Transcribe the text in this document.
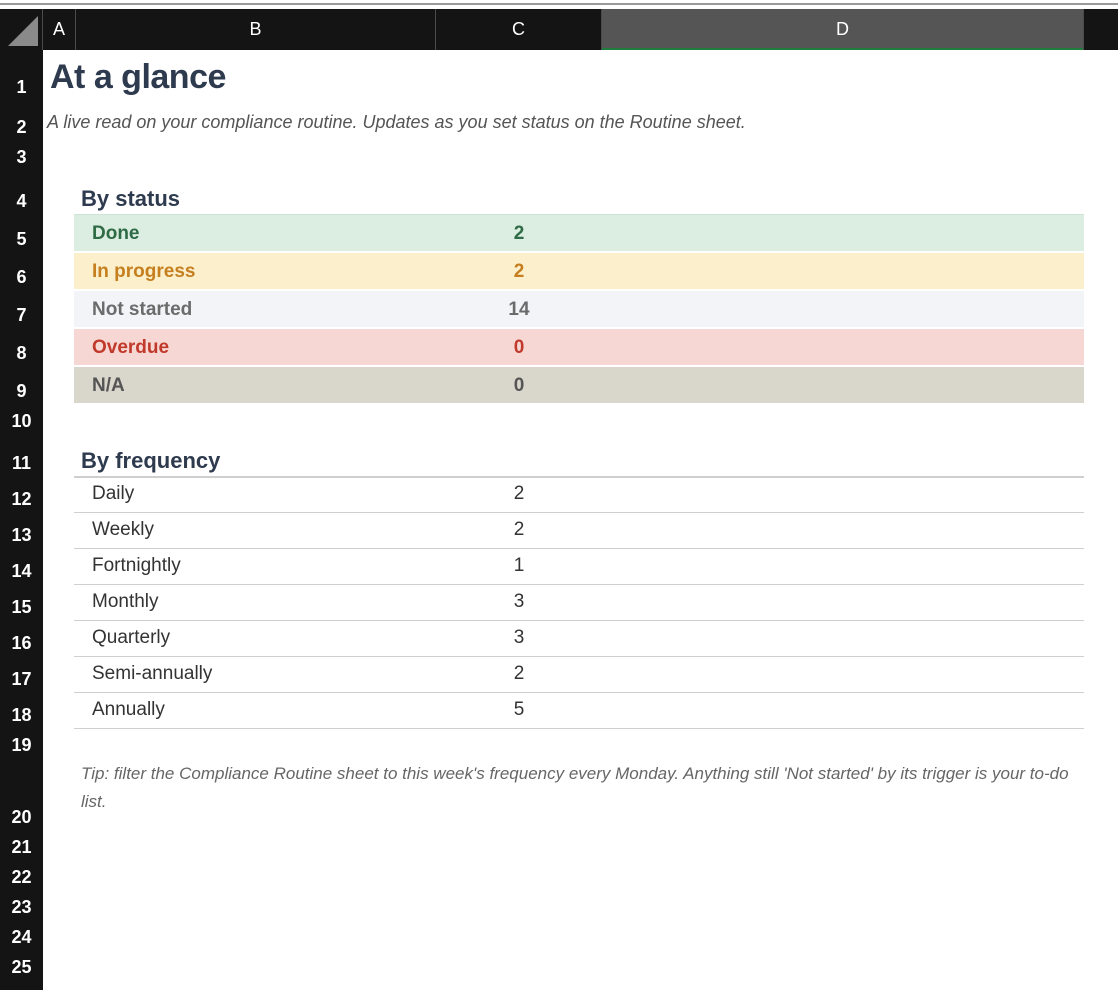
A	B	C	D
1
2
3
4
5
6
7
8
9
10
11
12
13
14
15
16
17
18
19
20
21
22
23
24
25
At a glance
A live read on your compliance routine. Updates as you set status on the Routine sheet.
By status
Done	2
In progress	2
Not started	14
Overdue	0
N/A	0
By frequency
Daily	2
Weekly	2
Fortnightly	1
Monthly	3
Quarterly	3
Semi-annually	2
Annually	5
Tip: filter the Compliance Routine sheet to this week's frequency every Monday. Anything still 'Not started' by its trigger is your to-do list.
